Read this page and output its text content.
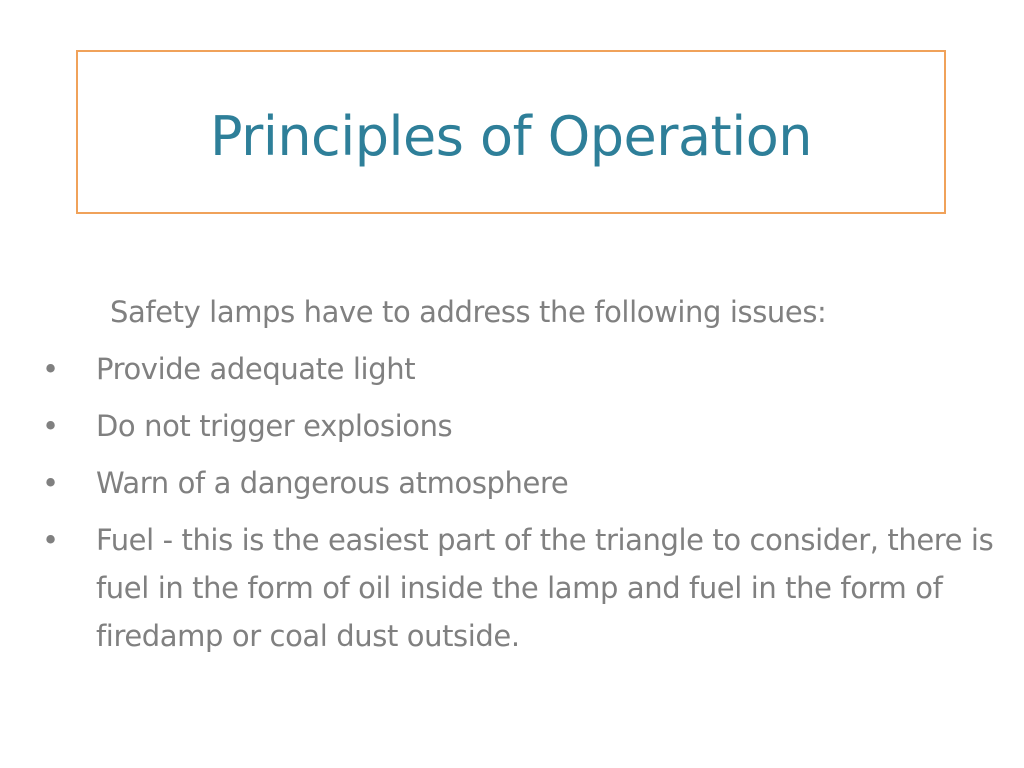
Principles of Operation
Safety lamps have to address the following issues:
• Provide adequate light
• Do not trigger explosions
• Warn of a dangerous atmosphere
• Fuel - this is the easiest part of the triangle to consider, there is fuel in the form of oil inside the lamp and fuel in the form of firedamp or coal dust outside.
